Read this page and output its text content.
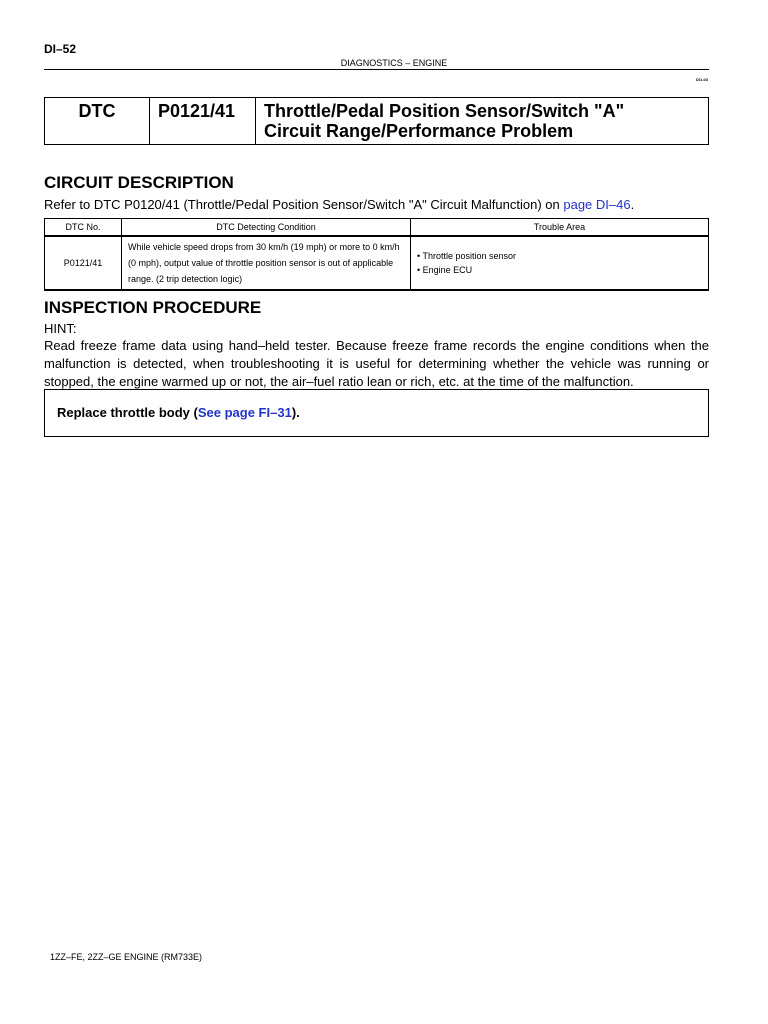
DI–52
DIAGNOSTICS – ENGINE
DI1-03
DTC	P0121/41	Throttle/Pedal Position Sensor/Switch "A"
Circuit Range/Performance Problem
CIRCUIT DESCRIPTION
Refer to DTC P0120/41 (Throttle/Pedal Position Sensor/Switch "A" Circuit Malfunction) on page DI–46.
DTC No.	DTC Detecting Condition	Trouble Area
P0121/41	While vehicle speed drops from 30 km/h (19 mph) or more to 0 km/h (0 mph), output value of throttle position sensor is out of applicable range. (2 trip detection logic)	• Throttle position sensor
• Engine ECU
INSPECTION PROCEDURE
HINT:
Read freeze frame data using hand–held tester. Because freeze frame records the engine conditions when the malfunction is detected, when troubleshooting it is useful for determining whether the vehicle was running or stopped, the engine warmed up or not, the air–fuel ratio lean or rich, etc. at the time of the malfunction.
Replace throttle body (See page FI–31).
1ZZ–FE, 2ZZ–GE ENGINE (RM733E)
